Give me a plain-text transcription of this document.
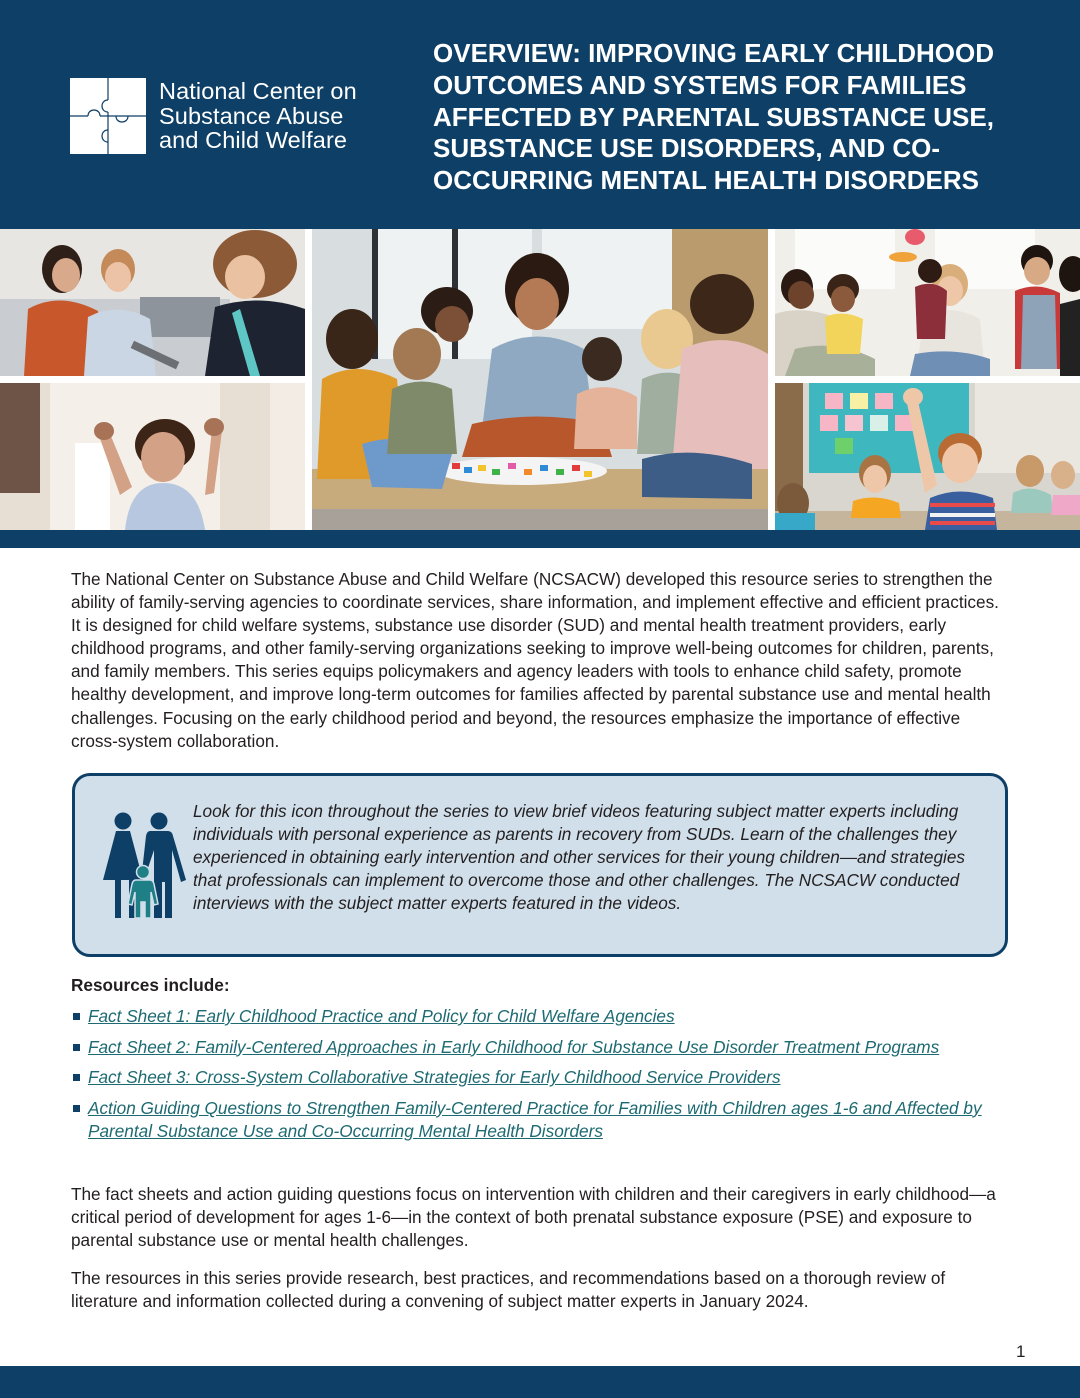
National Center on
Substance Abuse
and Child Welfare
OVERVIEW: IMPROVING EARLY CHILDHOOD
OUTCOMES AND SYSTEMS FOR FAMILIES
AFFECTED BY PARENTAL SUBSTANCE USE,
SUBSTANCE USE DISORDERS, AND CO-
OCCURRING MENTAL HEALTH DISORDERS

The National Center on Substance Abuse and Child Welfare (NCSACW) developed this resource series to strengthen the ability of family-serving agencies to coordinate services, share information, and implement effective and efficient practices. It is designed for child welfare systems, substance use disorder (SUD) and mental health treatment providers, early childhood programs, and other family-serving organizations seeking to improve well-being outcomes for children, parents, and family members. This series equips policymakers and agency leaders with tools to enhance child safety, promote healthy development, and improve long-term outcomes for families affected by parental substance use and mental health challenges. Focusing on the early childhood period and beyond, the resources emphasize the importance of effective cross-system collaboration.

Look for this icon throughout the series to view brief videos featuring subject matter experts including individuals with personal experience as parents in recovery from SUDs. Learn of the challenges they experienced in obtaining early intervention and other services for their young children—and strategies that professionals can implement to overcome those and other challenges. The NCSACW conducted interviews with the subject matter experts featured in the videos.

Resources include:
Fact Sheet 1: Early Childhood Practice and Policy for Child Welfare Agencies
Fact Sheet 2: Family-Centered Approaches in Early Childhood for Substance Use Disorder Treatment Programs
Fact Sheet 3: Cross-System Collaborative Strategies for Early Childhood Service Providers
Action Guiding Questions to Strengthen Family-Centered Practice for Families with Children ages 1-6 and Affected by Parental Substance Use and Co-Occurring Mental Health Disorders

The fact sheets and action guiding questions focus on intervention with children and their caregivers in early childhood—a critical period of development for ages 1-6—in the context of both prenatal substance exposure (PSE) and exposure to parental substance use or mental health challenges.

The resources in this series provide research, best practices, and recommendations based on a thorough review of literature and information collected during a convening of subject matter experts in January 2024.

1
